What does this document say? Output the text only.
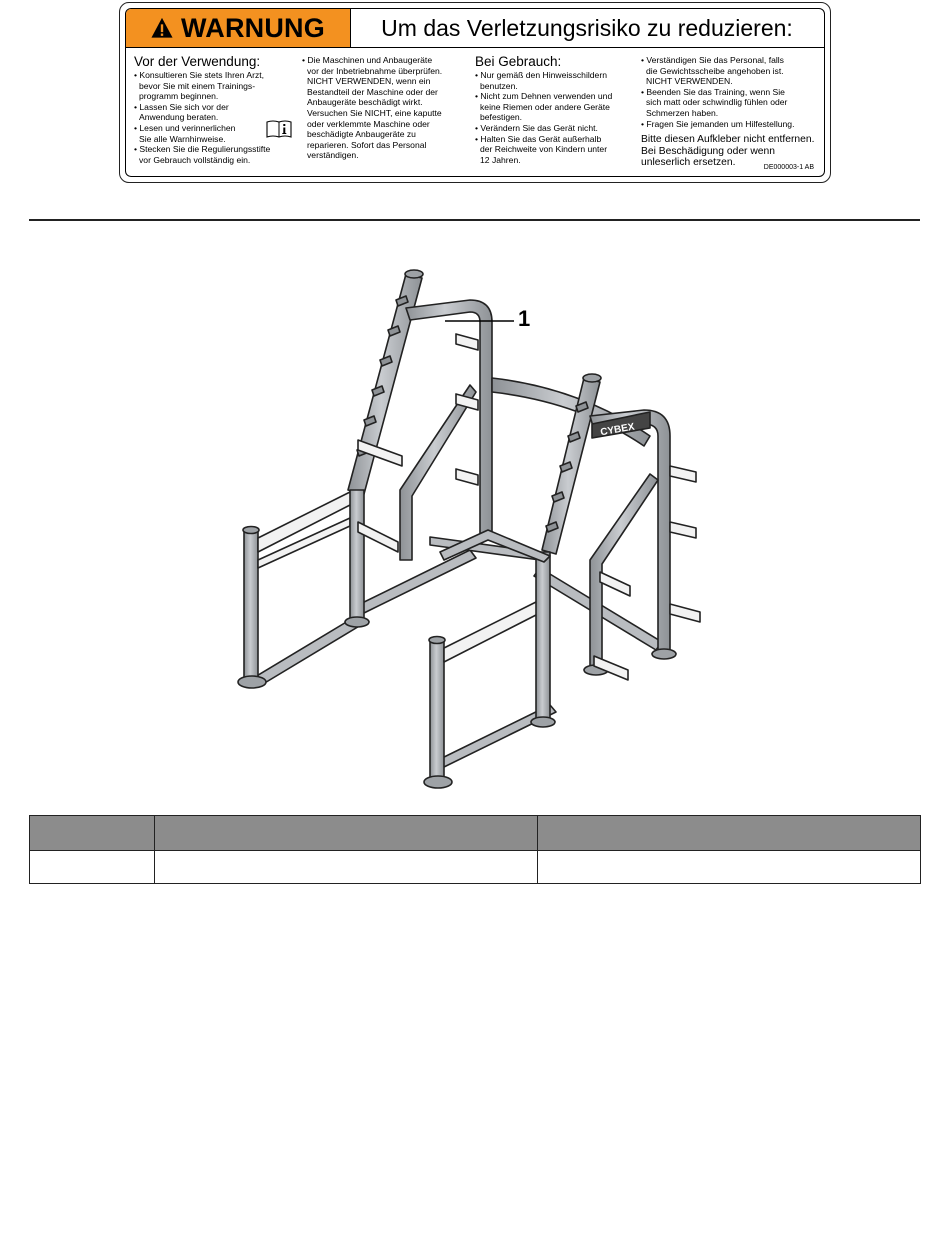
WARNUNG	Um das Verletzungsrisiko zu reduzieren:
Vor der Verwendung:
• Konsultieren Sie stets Ihren Arzt,
bevor Sie mit einem Trainings-
programm beginnen.
• Lassen Sie sich vor der
Anwendung beraten.
• Lesen und verinnerlichen
Sie alle Warnhinweise.
• Stecken Sie die Regulierungsstifte
vor Gebrauch vollständig ein.
• Die Maschinen und Anbaugeräte
vor der Inbetriebnahme überprüfen.
NICHT VERWENDEN, wenn ein
Bestandteil der Maschine oder der
Anbaugeräte beschädigt wirkt.
Versuchen Sie NICHT, eine kaputte
oder verklemmte Maschine oder
beschädigte Anbaugeräte zu
reparieren. Sofort das Personal
verständigen.
Bei Gebrauch:
• Nur gemäß den Hinweisschildern
benutzen.
• Nicht zum Dehnen verwenden und
keine Riemen oder andere Geräte
befestigen.
• Verändern Sie das Gerät nicht.
• Halten Sie das Gerät außerhalb
der Reichweite von Kindern unter
12 Jahren.
• Verständigen Sie das Personal, falls
die Gewichtsscheibe angehoben ist.
NICHT VERWENDEN.
• Beenden Sie das Training, wenn Sie
sich matt oder schwindlig fühlen oder
Schmerzen haben.
• Fragen Sie jemanden um Hilfestellung.
Bitte diesen Aufkleber nicht entfernen.
Bei Beschädigung oder wenn
unleserlich ersetzen.	DE000003-1 AB
CYBEX
1
